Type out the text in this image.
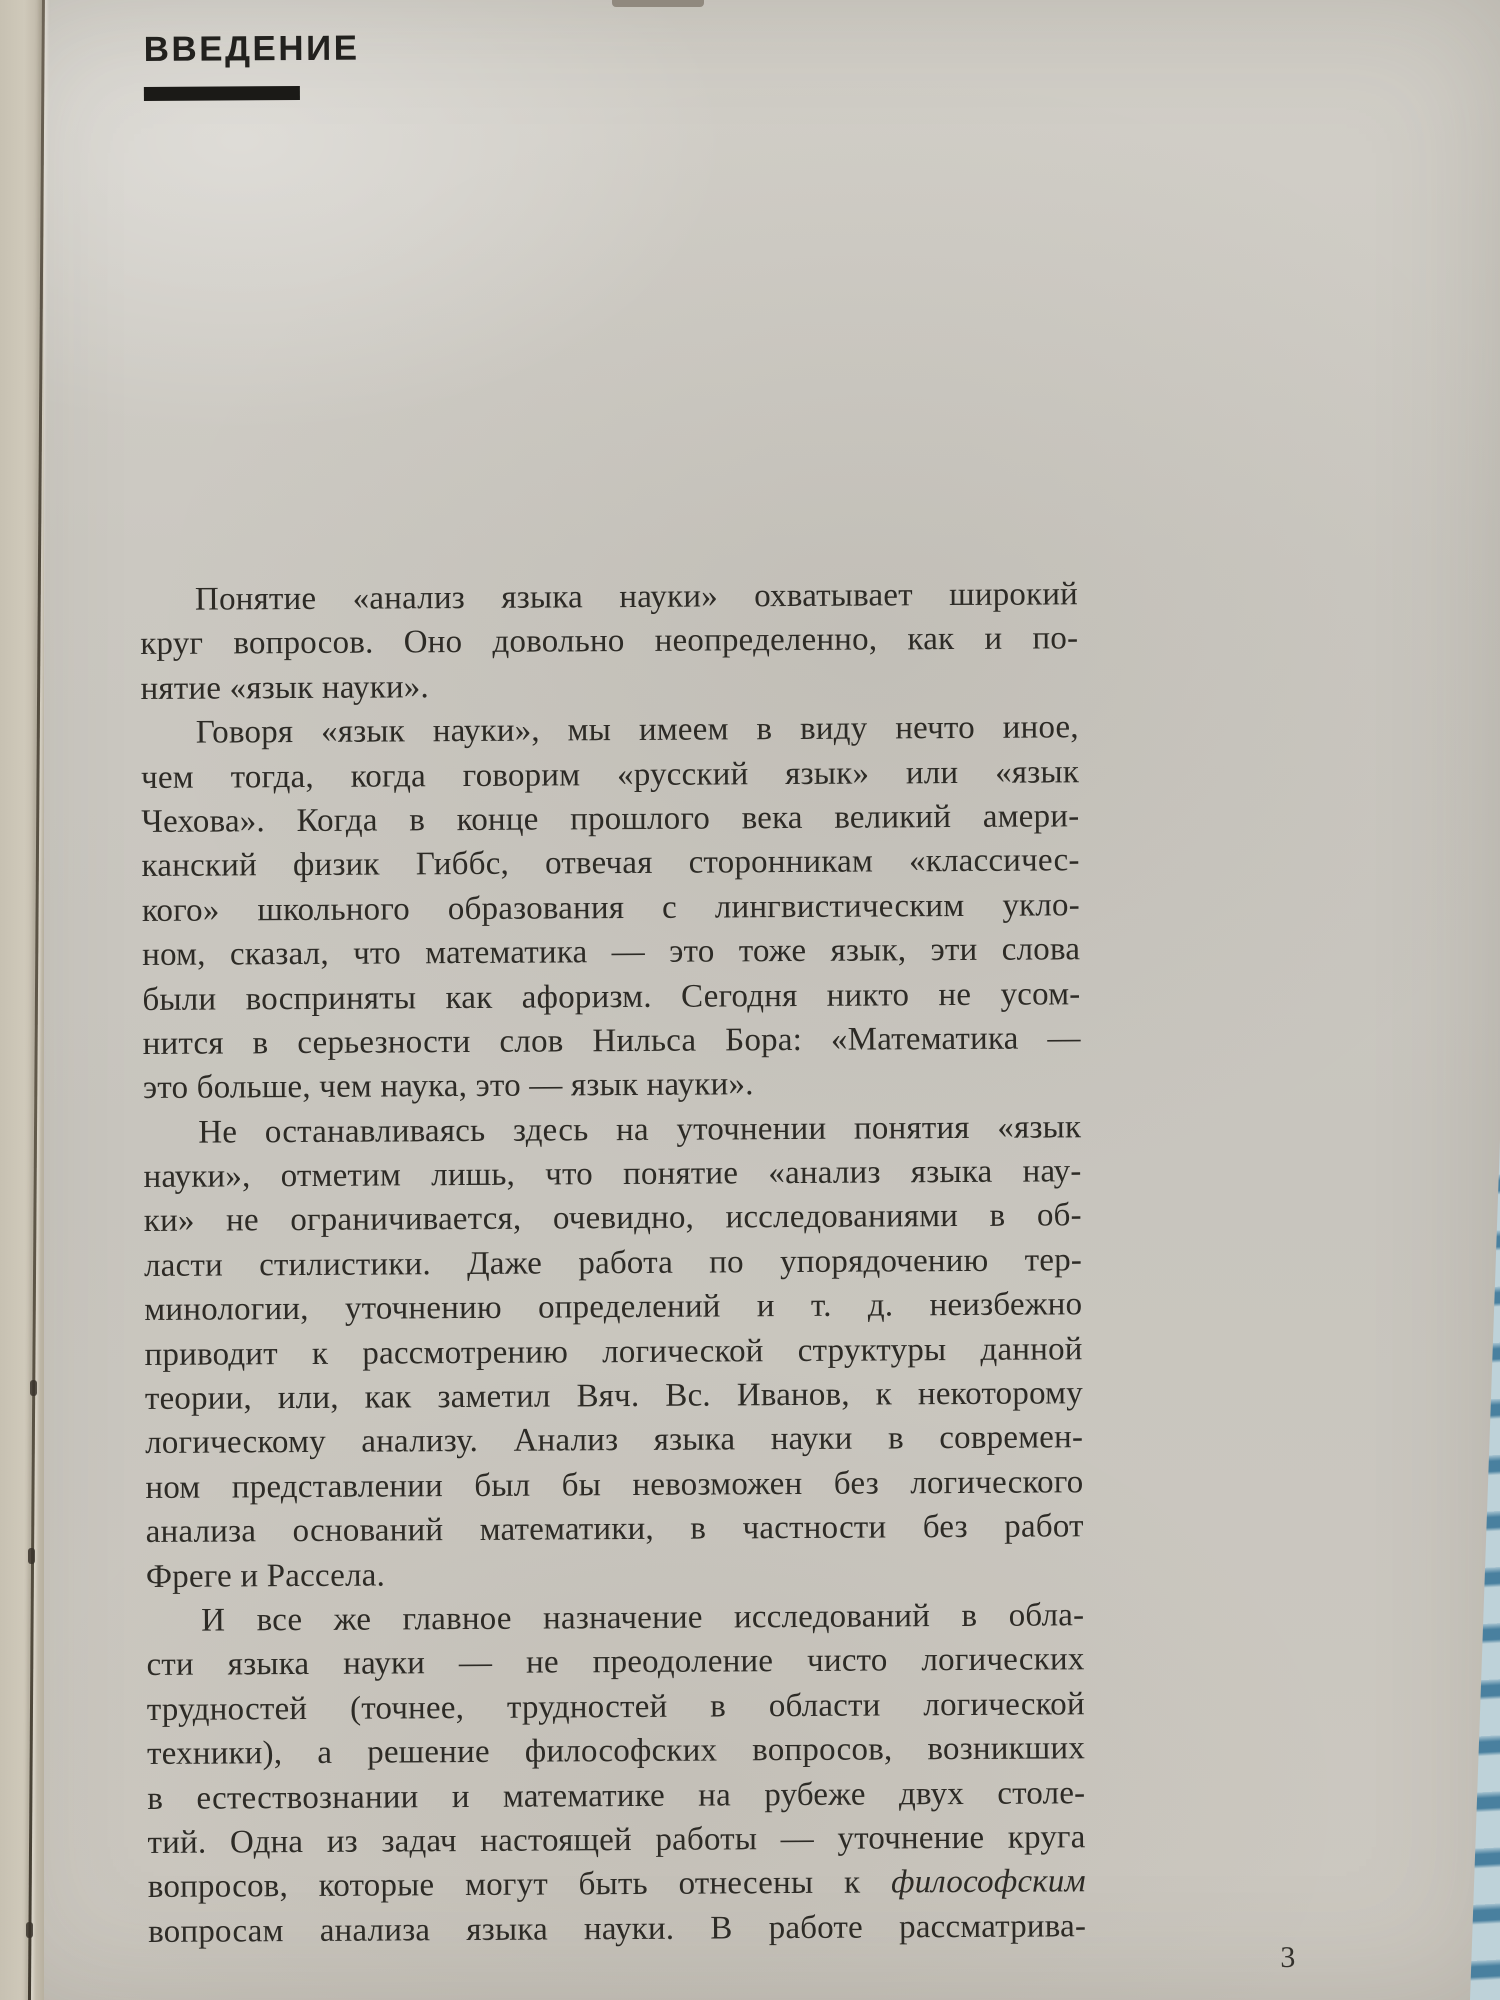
ВВЕДЕНИЕ
Понятие «анализ языка науки» охватывает широкий
круг вопросов. Оно довольно неопределенно, как и по-
нятие «язык науки».
Говоря «язык науки», мы имеем в виду нечто иное,
чем тогда, когда говорим «русский язык» или «язык
Чехова». Когда в конце прошлого века великий амери-
канский физик Гиббс, отвечая сторонникам «классичес-
кого» школьного образования с лингвистическим укло-
ном, сказал, что математика — это тоже язык, эти слова
были восприняты как афоризм. Сегодня никто не усом-
нится в серьезности слов Нильса Бора: «Математика —
это больше, чем наука, это — язык науки».
Не останавливаясь здесь на уточнении понятия «язык
науки», отметим лишь, что понятие «анализ языка нау-
ки» не ограничивается, очевидно, исследованиями в об-
ласти стилистики. Даже работа по упорядочению тер-
минологии, уточнению определений и т. д. неизбежно
приводит к рассмотрению логической структуры данной
теории, или, как заметил Вяч. Вс. Иванов, к некоторому
логическому анализу. Анализ языка науки в современ-
ном представлении был бы невозможен без логического
анализа оснований математики, в частности без работ
Фреге и Рассела.
И все же главное назначение исследований в обла-
сти языка науки — не преодоление чисто логических
трудностей (точнее, трудностей в области логической
техники), а решение философских вопросов, возникших
в естествознании и математике на рубеже двух столе-
тий. Одна из задач настоящей работы — уточнение круга
вопросов, которые могут быть отнесены к философским
вопросам анализа языка науки. В работе рассматрива-
3
